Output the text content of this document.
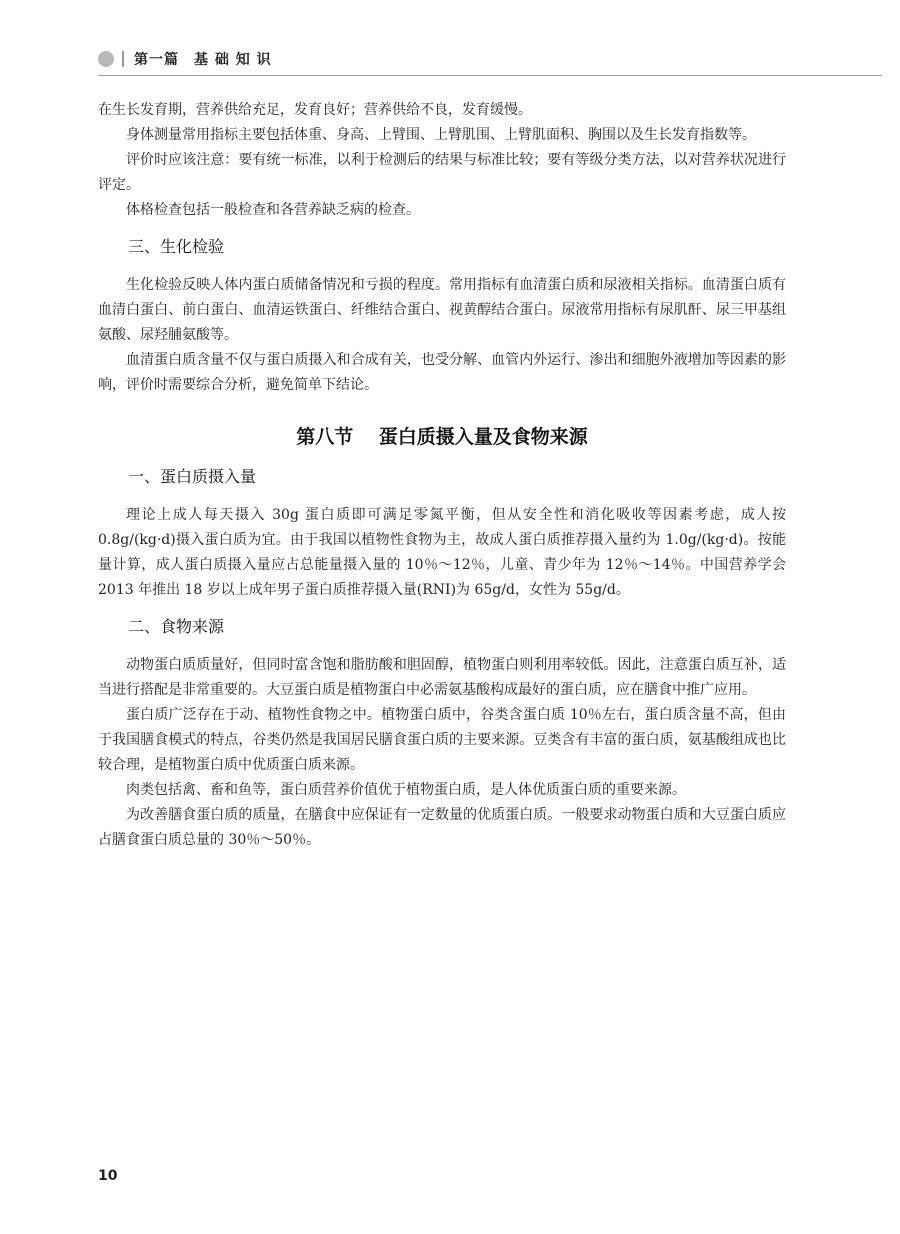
第一篇　基 础 知 识

在生长发育期，营养供给充足，发育良好；营养供给不良，发育缓慢。

身体测量常用指标主要包括体重、身高、上臂围、上臂肌围、上臂肌面积、胸围以及生长发育指数等。

评价时应该注意：要有统一标准，以利于检测后的结果与标准比较；要有等级分类方法，以对营养状况进行评定。

体格检查包括一般检查和各营养缺乏病的检查。

三、生化检验

生化检验反映人体内蛋白质储备情况和亏损的程度。常用指标有血清蛋白质和尿液相关指标。血清蛋白质有血清白蛋白、前白蛋白、血清运铁蛋白、纤维结合蛋白、视黄醇结合蛋白。尿液常用指标有尿肌酐、尿三甲基组氨酸、尿羟脯氨酸等。

血清蛋白质含量不仅与蛋白质摄入和合成有关，也受分解、血管内外运行、渗出和细胞外液增加等因素的影响，评价时需要综合分析，避免简单下结论。

第八节　 蛋白质摄入量及食物来源
一、蛋白质摄入量

理论上成人每天摄入 30g 蛋白质即可满足零氮平衡，但从安全性和消化吸收等因素考虑，成人按 0.8g/(kg·d)摄入蛋白质为宜。由于我国以植物性食物为主，故成人蛋白质推荐摄入量约为 1.0g/(kg·d)。按能量计算，成人蛋白质摄入量应占总能量摄入量的 10％～12％，儿童、青少年为 12％～14％。中国营养学会 2013 年推出 18 岁以上成年男子蛋白质推荐摄入量(RNI)为 65g/d，女性为 55g/d。

二、食物来源

动物蛋白质质量好，但同时富含饱和脂肪酸和胆固醇，植物蛋白则利用率较低。因此，注意蛋白质互补，适当进行搭配是非常重要的。大豆蛋白质是植物蛋白中必需氨基酸构成最好的蛋白质，应在膳食中推广应用。

蛋白质广泛存在于动、植物性食物之中。植物蛋白质中，谷类含蛋白质 10％左右，蛋白质含量不高，但由于我国膳食模式的特点，谷类仍然是我国居民膳食蛋白质的主要来源。豆类含有丰富的蛋白质，氨基酸组成也比较合理，是植物蛋白质中优质蛋白质来源。

肉类包括禽、畜和鱼等，蛋白质营养价值优于植物蛋白质，是人体优质蛋白质的重要来源。

为改善膳食蛋白质的质量，在膳食中应保证有一定数量的优质蛋白质。一般要求动物蛋白质和大豆蛋白质应占膳食蛋白质总量的 30％～50％。

10
